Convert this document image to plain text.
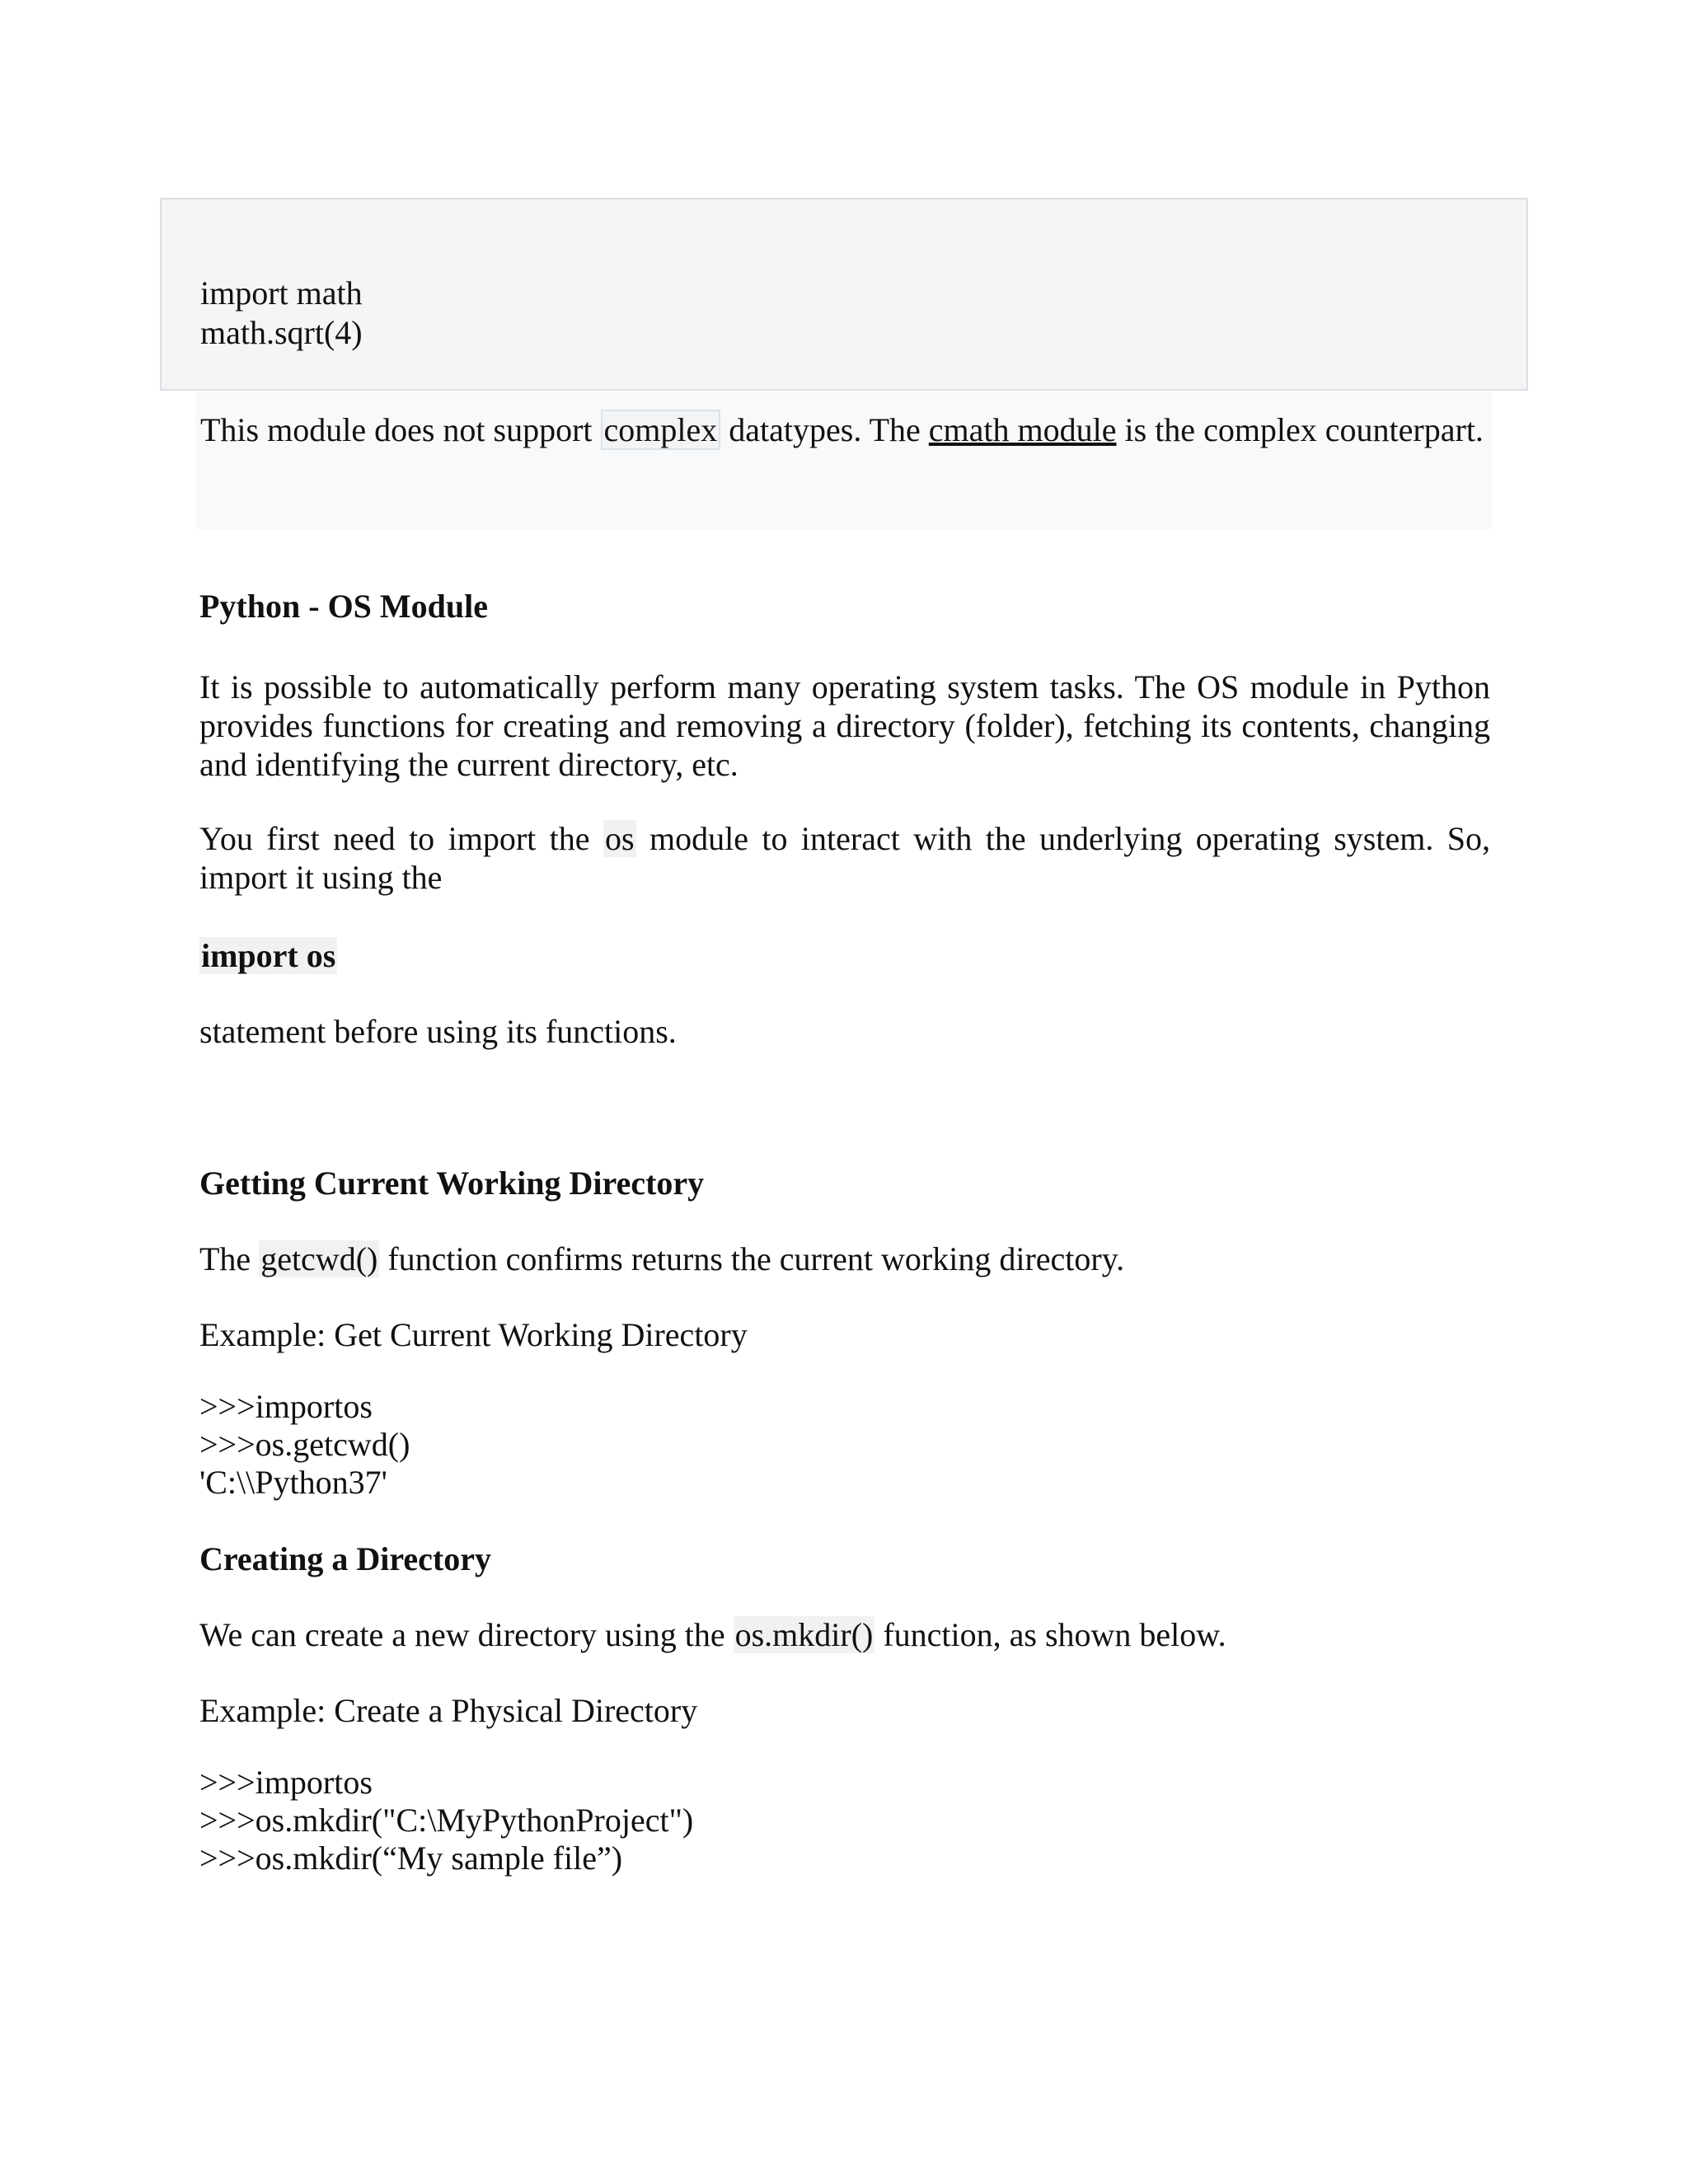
import math
math.sqrt(4)
This module does not support complex datatypes. The cmath module is the complex counterpart.
Python - OS Module
It is possible to automatically perform many operating system tasks. The OS module in Python provides functions for creating and removing a directory (folder), fetching its contents, changing and identifying the current directory, etc.
You first need to import the os module to interact with the underlying operating system. So, import it using the
import os
statement before using its functions.
Getting Current Working Directory
The getcwd() function confirms returns the current working directory.
Example: Get Current Working Directory
>>>importos
>>>os.getcwd()
'C:\\Python37'
Creating a Directory
We can create a new directory using the os.mkdir() function, as shown below.
Example: Create a Physical Directory
>>>importos
>>>os.mkdir("C:\MyPythonProject")
>>>os.mkdir(“My sample file”)
